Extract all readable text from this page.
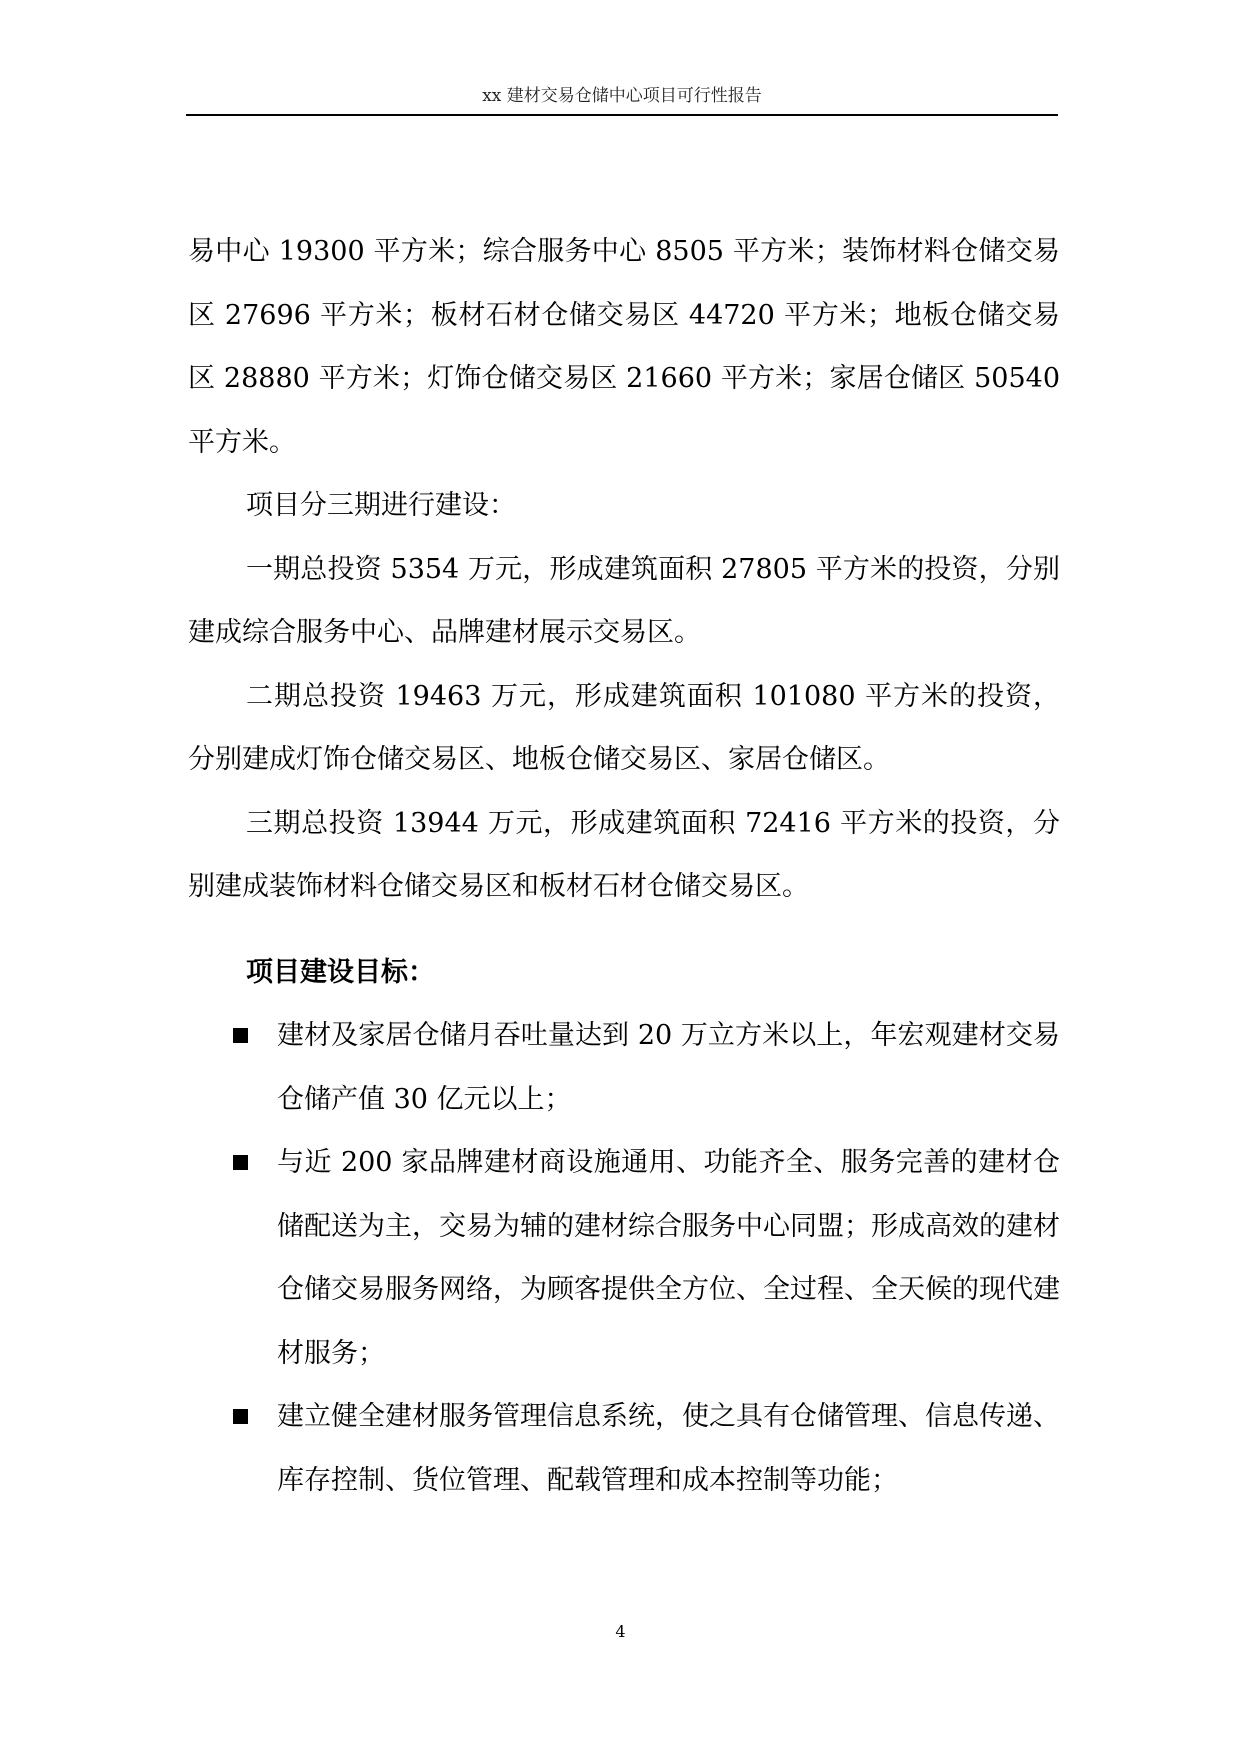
xx 建材交易仓储中心项目可行性报告

易中心 19300 平方米；综合服务中心 8505 平方米；装饰材料仓储交易区 27696 平方米；板材石材仓储交易区 44720 平方米；地板仓储交易区 28880 平方米；灯饰仓储交易区 21660 平方米；家居仓储区 50540 平方米。

项目分三期进行建设：

一期总投资 5354 万元，形成建筑面积 27805 平方米的投资，分别建成综合服务中心、品牌建材展示交易区。

二期总投资 19463 万元，形成建筑面积 101080 平方米的投资，分别建成灯饰仓储交易区、地板仓储交易区、家居仓储区。

三期总投资 13944 万元，形成建筑面积 72416 平方米的投资，分别建成装饰材料仓储交易区和板材石材仓储交易区。

项目建设目标：
建材及家居仓储月吞吐量达到 20 万立方米以上，年宏观建材交易仓储产值 30 亿元以上；
与近 200 家品牌建材商设施通用、功能齐全、服务完善的建材仓储配送为主，交易为辅的建材综合服务中心同盟；形成高效的建材仓储交易服务网络，为顾客提供全方位、全过程、全天候的现代建材服务；
建立健全建材服务管理信息系统，使之具有仓储管理、信息传递、库存控制、货位管理、配载管理和成本控制等功能；
4
